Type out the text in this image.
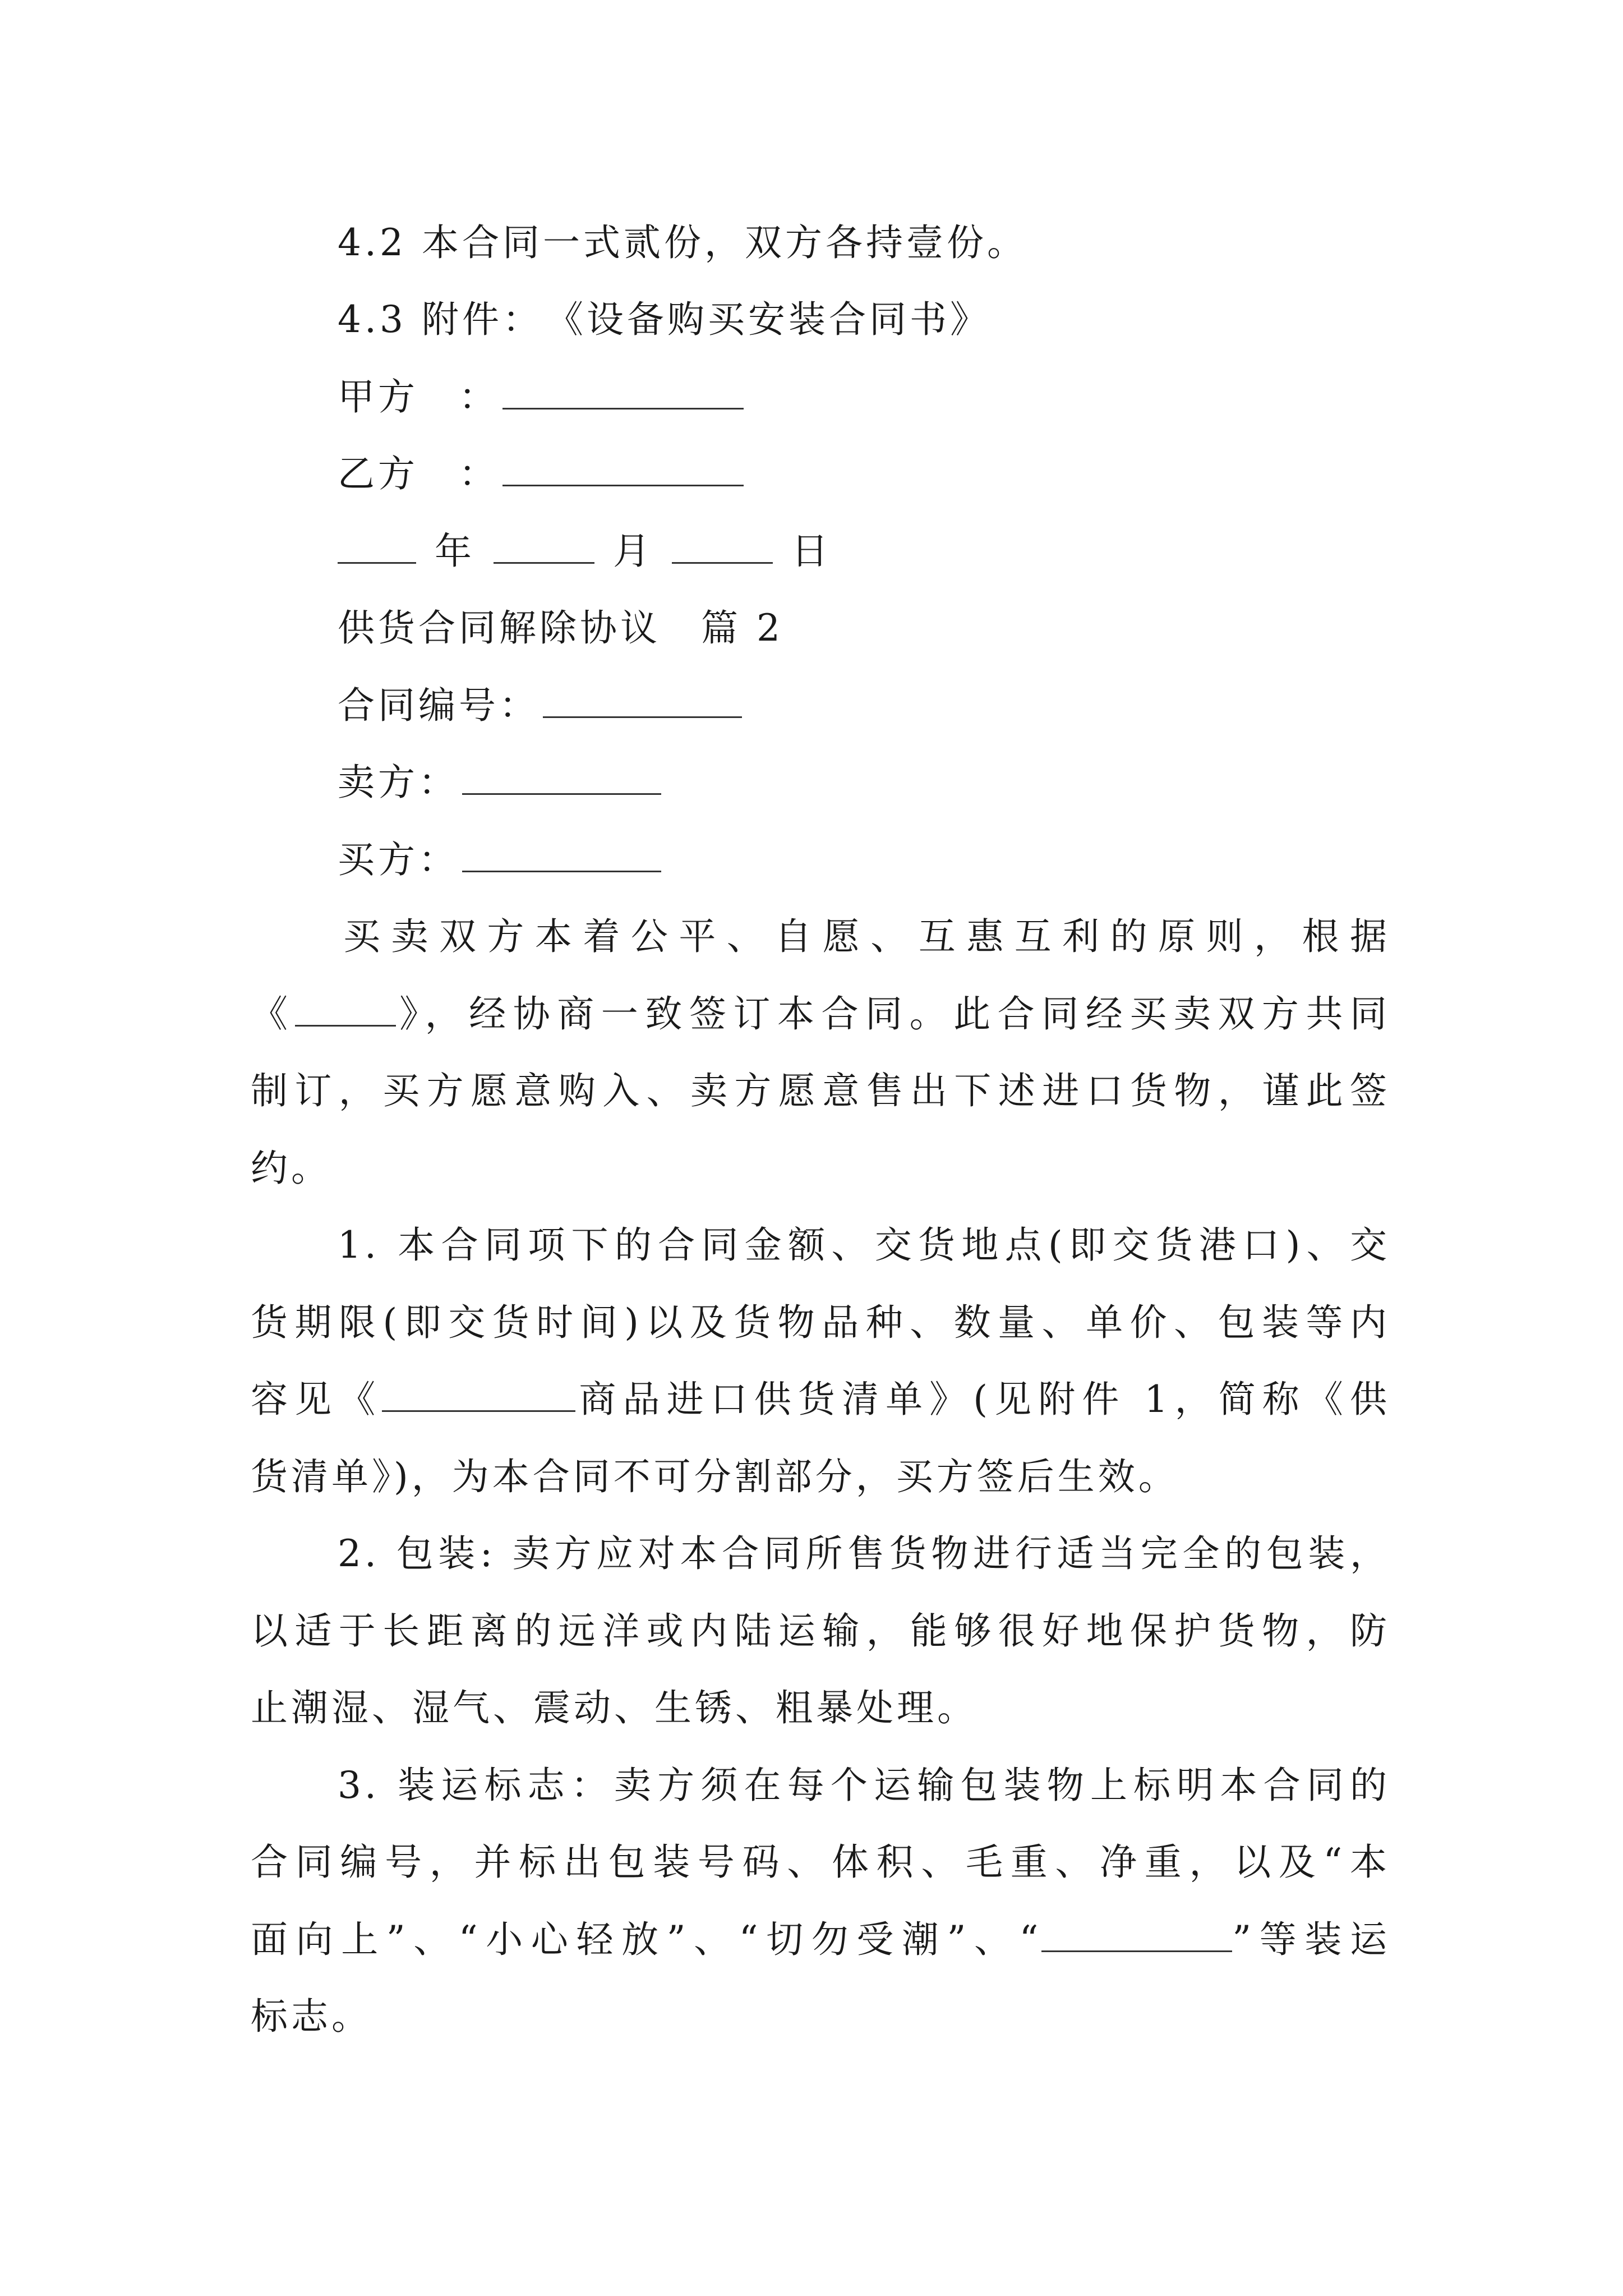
4.2 本合同一式贰份，双方各持壹份。
4.3 附件：　《设备购买安装合同书》
甲方　：
乙方　：
年	月	日
供货合同解除协议　篇 2
合同编号：
卖方：
买方：
买卖双方本着公平、自愿、互惠互利的原则，根据
《	》，经协商一致签订本合同。此合同经买卖双方共同
制订，买方愿意购入、卖方愿意售出下述进口货物，谨此签
约。
1. 本合同项下的合同金额、交货地点(即交货港口)、交
货期限(即交货时间)以及货物品种、数量、单价、包装等内
容见《	商品进口供货清单》(见附件 1，简称《供
货清单》)，为本合同不可分割部分，买方签后生效。
2. 包装: 卖方应对本合同所售货物进行适当完全的包装，
以适于长距离的远洋或内陆运输，能够很好地保护货物，防
止潮湿、湿气、震动、生锈、粗暴处理。
3. 装运标志：卖方须在每个运输包装物上标明本合同的
合同编号，并标出包装号码、体积、毛重、净重，以及“本
面向上”、“小心轻放”、“切勿受潮”、“	”等装运
标志。
